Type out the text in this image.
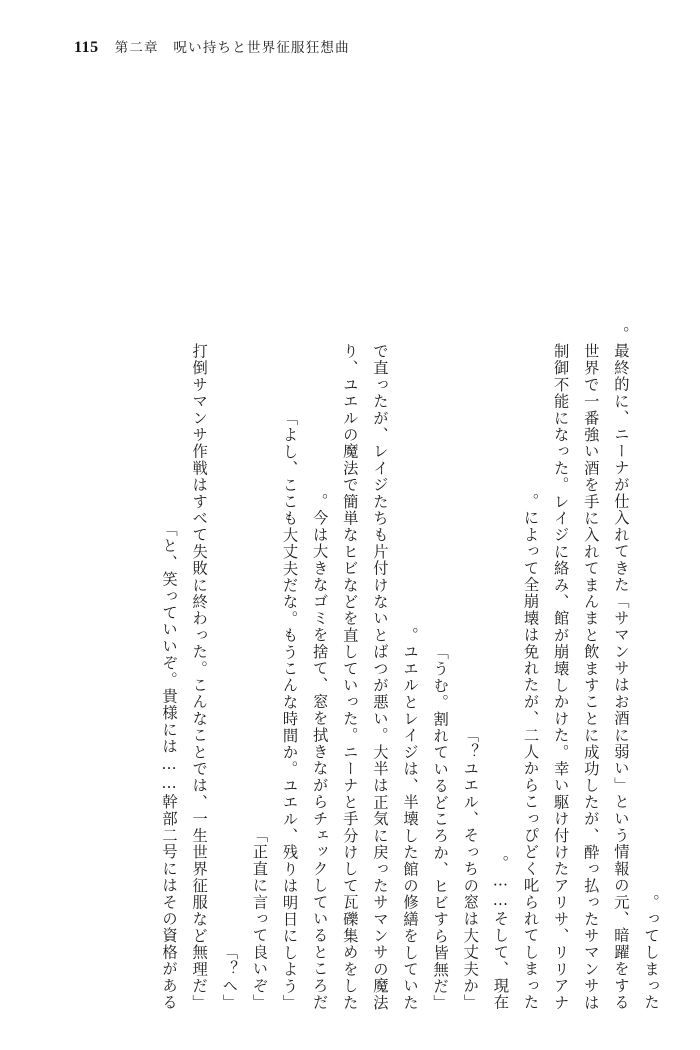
115 第二章　呪い持ちと世界征服狂想曲

ってしまった。

最終的に、ニーナが仕入れてきた「サマンサはお酒に弱い」という情報の元、暗躍をする。

世界で一番強い酒を手に入れてまんまと飲ますことに成功したが、酔っ払ったサマンサは

制御不能になった。レイジに絡み、館が崩壊しかけた。幸い駆け付けたアリサ、リリアナ

によって全崩壊は免れたが、二人からこっぴどく叱られてしまった。

そして、現在……。

「ユエル、そっちの窓は大丈夫か？」

「うむ。割れているどころか、ヒビすら皆無だ」

ユエルとレイジは、半壊した館の修繕をしていた。

で直ったが、レイジたちも片付けないとばつが悪い。大半は正気に戻ったサマンサの魔法

り、ユエルの魔法で簡単なヒビなどを直していった。ニーナと手分けして瓦礫集めをした

今は大きなゴミを捨て、窓を拭きながらチェックしているところだ。

「よし、ここも大丈夫だな。もうこんな時間か。ユエル、残りは明日にしよう」

「正直に言って良いぞ」

「へ？」

「打倒サマンサ作戦はすべて失敗に終わった。こんなことでは、一生世界征服など無理だ

と、笑っていいぞ。貴様には……幹部二号にはその資格がある」
